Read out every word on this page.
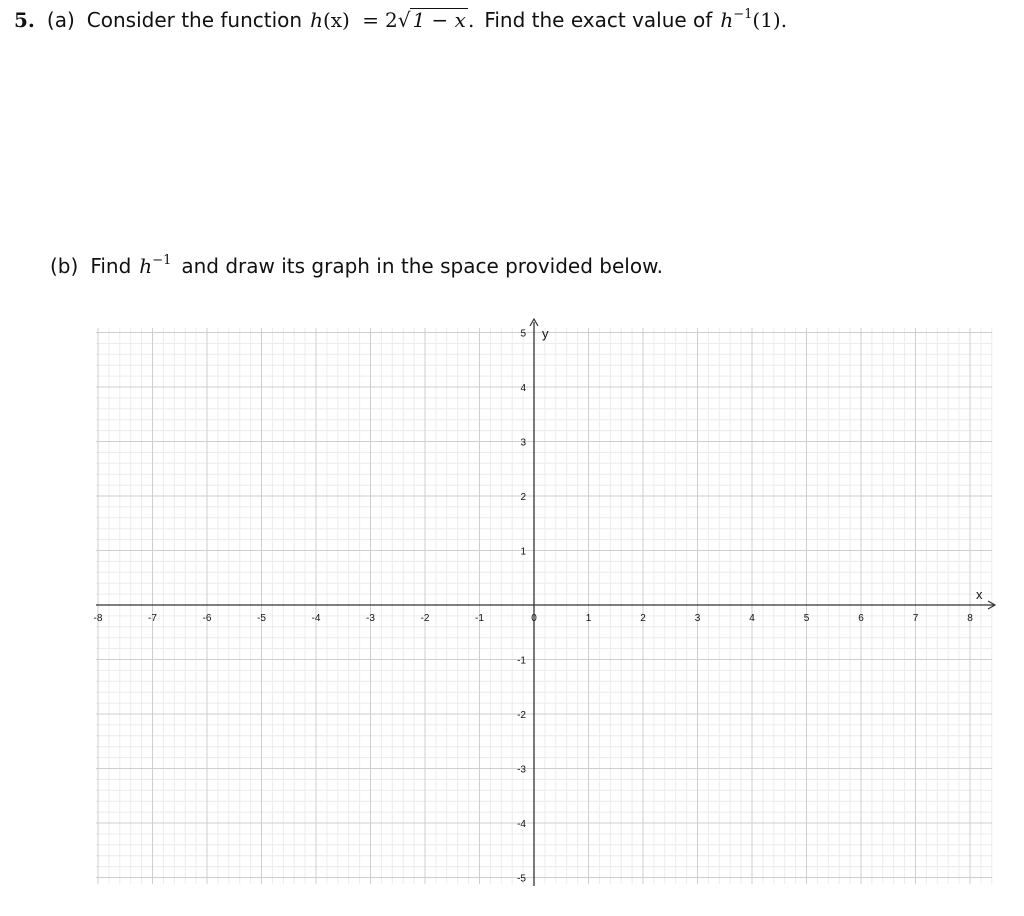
5. (a) Consider the function h(x) = 2√ 1 − x . Find the exact value of $h^{-1}(1)$.
(b) Find $h^{-1}$ and draw its graph in the space provided below.
-8	-7	-6	-5	-4	-3	-2	-1	0	1	2	3	4	5	6	7	8
5
4
3
2
1
-1
-2
-3
-4
-5
x
y
